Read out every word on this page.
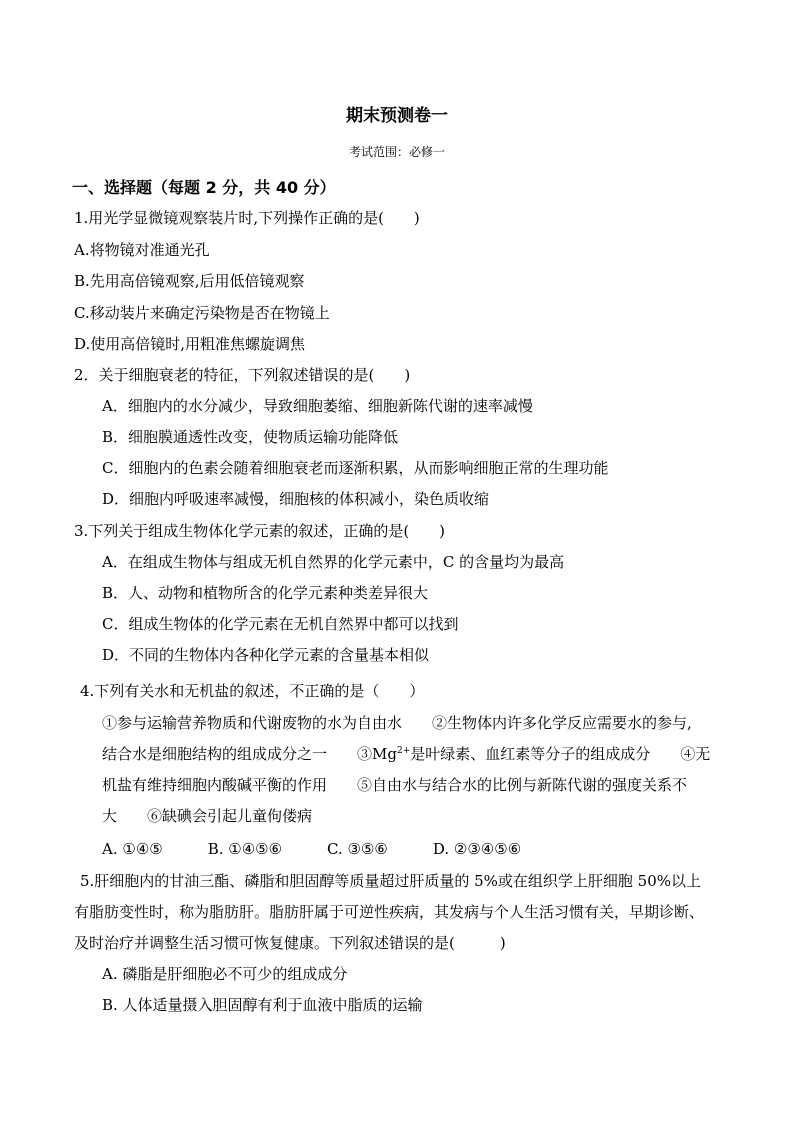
期末预测卷一
考试范围：必修一
一、选择题（每题 2 分，共 40 分）
1.用光学显微镜观察装片时,下列操作正确的是(　　)
A.将物镜对准通光孔
B.先用高倍镜观察,后用低倍镜观察
C.移动装片来确定污染物是否在物镜上
D.使用高倍镜时,用粗准焦螺旋调焦
2．关于细胞衰老的特征，下列叙述错误的是(　　)
A．细胞内的水分减少，导致细胞萎缩、细胞新陈代谢的速率减慢
B．细胞膜通透性改变，使物质运输功能降低
C．细胞内的色素会随着细胞衰老而逐渐积累，从而影响细胞正常的生理功能
D．细胞内呼吸速率减慢，细胞核的体积减小，染色质收缩
3.下列关于组成生物体化学元素的叙述，正确的是(　　)
A．在组成生物体与组成无机自然界的化学元素中，C 的含量均为最高
B．人、动物和植物所含的化学元素种类差异很大
C．组成生物体的化学元素在无机自然界中都可以找到
D．不同的生物体内各种化学元素的含量基本相似
4.下列有关水和无机盐的叙述，不正确的是（　　）
①参与运输营养物质和代谢废物的水为自由水　　②生物体内许多化学反应需要水的参与,
结合水是细胞结构的组成成分之一　　$③Mg^{2+}$是叶绿素、血红素等分子的组成成分　　④无
机盐有维持细胞内酸碱平衡的作用　　⑤自由水与结合水的比例与新陈代谢的强度关系不
大　　⑥缺碘会引起儿童佝偻病
A. ①④⑤　　　B. ①④⑤⑥　　　C. ③⑤⑥　　　D. ②③④⑤⑥
5.肝细胞内的甘油三酯、磷脂和胆固醇等质量超过肝质量的 5%或在组织学上肝细胞 50%以上
有脂肪变性时，称为脂肪肝。脂肪肝属于可逆性疾病，其发病与个人生活习惯有关，早期诊断、
及时治疗并调整生活习惯可恢复健康。下列叙述错误的是(　　　)
A. 磷脂是肝细胞必不可少的组成成分
B. 人体适量摄入胆固醇有利于血液中脂质的运输
